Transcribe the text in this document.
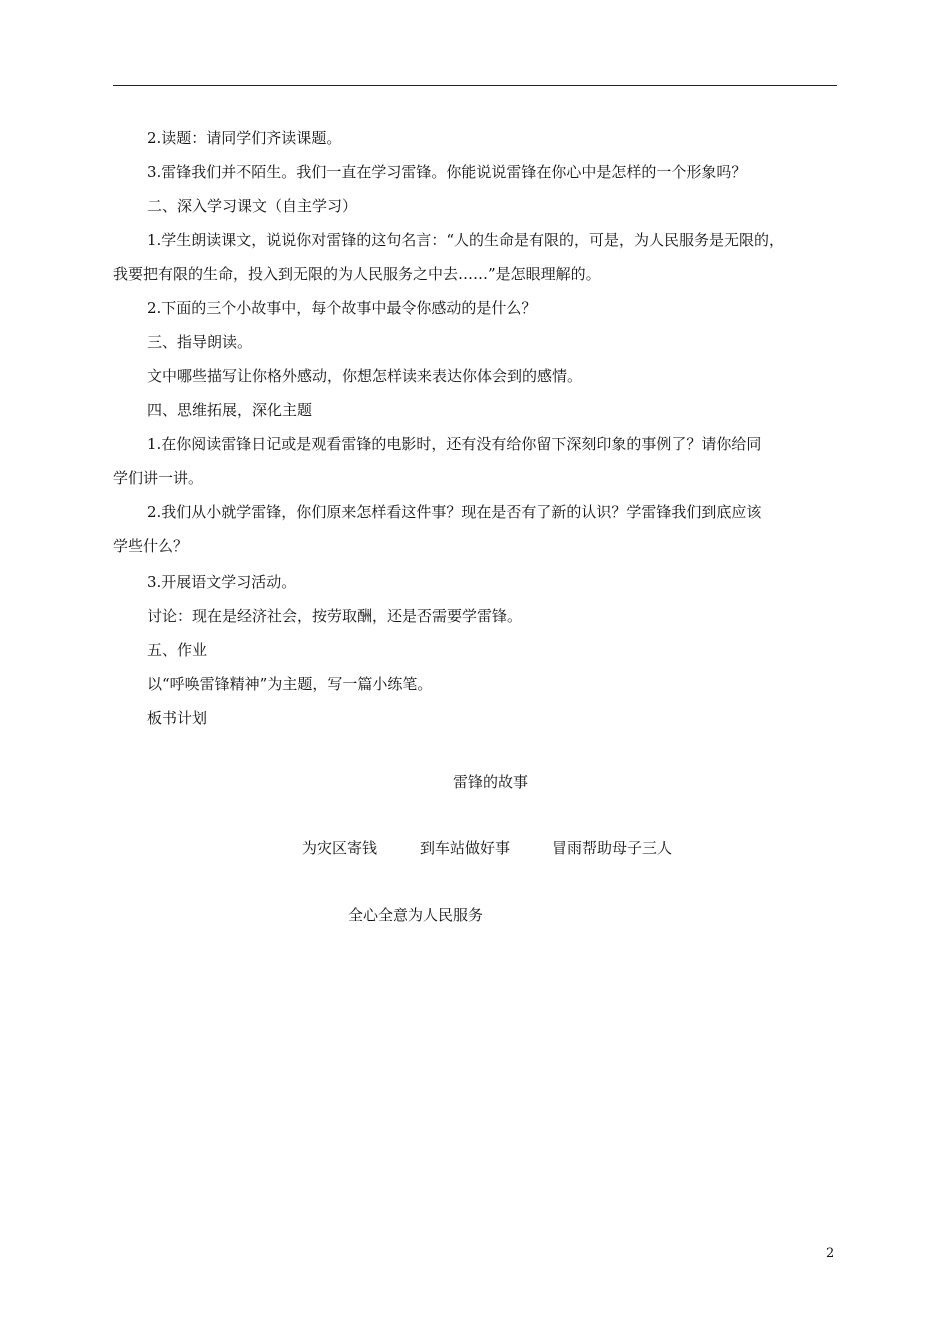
2.读题：请同学们齐读课题。
3.雷锋我们并不陌生。我们一直在学习雷锋。你能说说雷锋在你心中是怎样的一个形象吗？
二、深入学习课文（自主学习）
1.学生朗读课文，说说你对雷锋的这句名言：“人的生命是有限的，可是，为人民服务是无限的，
我要把有限的生命，投入到无限的为人民服务之中去……”是怎眼理解的。
2.下面的三个小故事中，每个故事中最令你感动的是什么？
三、指导朗读。
文中哪些描写让你格外感动，你想怎样读来表达你体会到的感情。
四、思维拓展，深化主题
1.在你阅读雷锋日记或是观看雷锋的电影时，还有没有给你留下深刻印象的事例了？请你给同
学们讲一讲。
2.我们从小就学雷锋，你们原来怎样看这件事？现在是否有了新的认识？学雷锋我们到底应该
学些什么？
3.开展语文学习活动。
讨论：现在是经济社会，按劳取酬，还是否需要学雷锋。
五、作业
以“呼唤雷锋精神”为主题，写一篇小练笔。
板书计划
雷锋的故事
为灾区寄钱	到车站做好事	冒雨帮助母子三人
全心全意为人民服务
2
